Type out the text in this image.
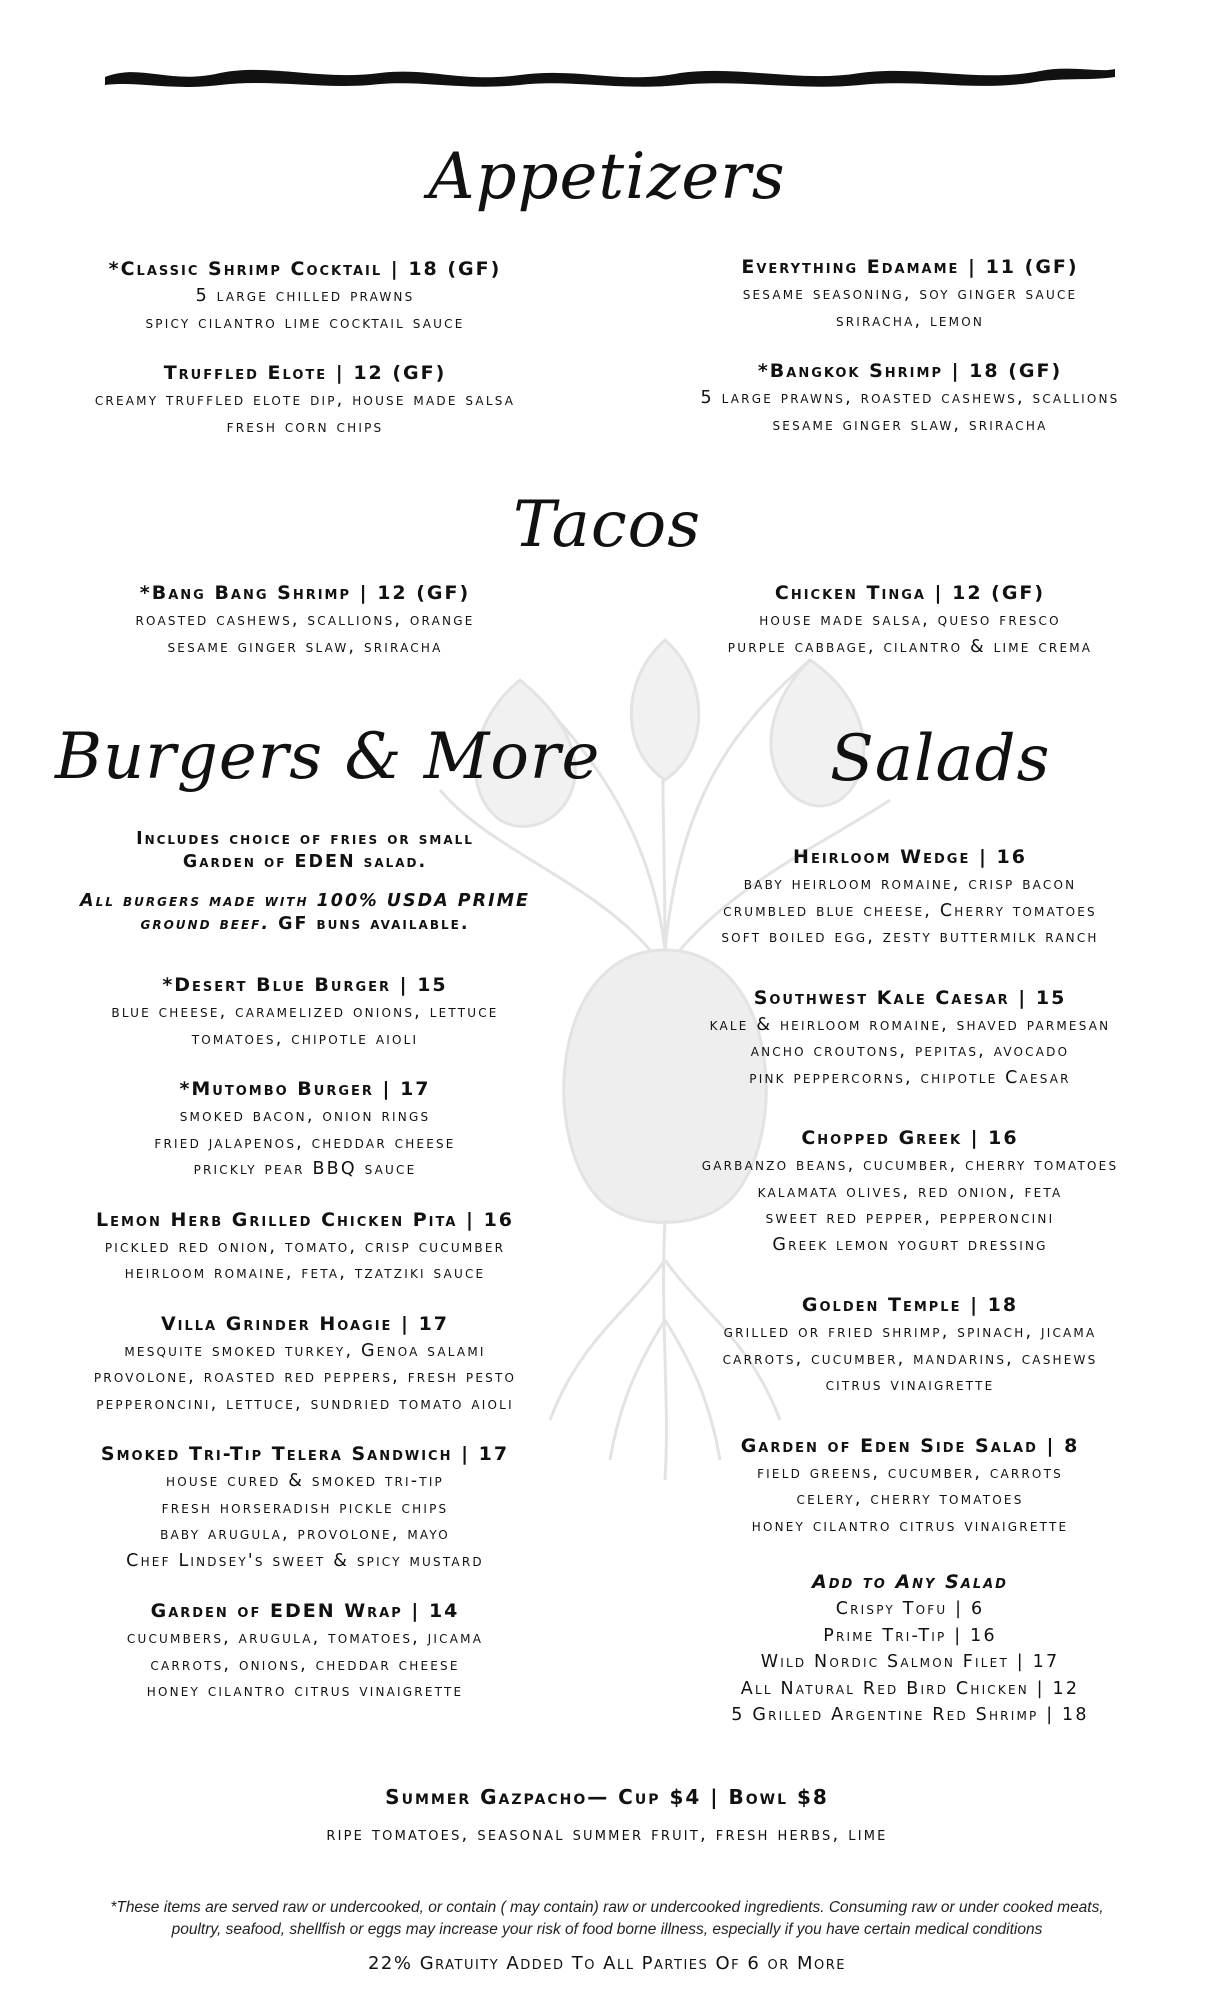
Appetizers
*Classic Shrimp Cocktail | 18 (GF)
5 large chilled prawns
spicy cilantro lime cocktail sauce
Truffled Elote | 12 (GF)
creamy truffled elote dip, house made salsa
fresh corn chips
Everything Edamame | 11 (GF)
sesame seasoning, soy ginger sauce
sriracha, lemon
*Bangkok Shrimp | 18 (GF)
5 large prawns, roasted cashews, scallions
sesame ginger slaw, sriracha
Tacos
*Bang Bang Shrimp | 12 (GF)
roasted cashews, scallions, orange
sesame ginger slaw, sriracha
Chicken Tinga | 12 (GF)
house made salsa, queso fresco
purple cabbage, cilantro & lime crema
Burgers & More	Salads
Includes choice of fries or small
Garden of EDEN salad.
All burgers made with 100% USDA PRIME
ground beef. GF buns available.
*Desert Blue Burger | 15
blue cheese, caramelized onions, lettuce
tomatoes, chipotle aioli
*Mutombo Burger | 17
smoked bacon, onion rings
fried jalapenos, cheddar cheese
prickly pear BBQ sauce
Lemon Herb Grilled Chicken Pita | 16
pickled red onion, tomato, crisp cucumber
heirloom romaine, feta, tzatziki sauce
Villa Grinder Hoagie | 17
mesquite smoked turkey, Genoa salami
provolone, roasted red peppers, fresh pesto
pepperoncini, lettuce, sundried tomato aioli
Smoked Tri-Tip Telera Sandwich | 17
house cured & smoked tri-tip
fresh horseradish pickle chips
baby arugula, provolone, mayo
Chef Lindsey's sweet & spicy mustard
Garden of EDEN Wrap | 14
cucumbers, arugula, tomatoes, jicama
carrots, onions, cheddar cheese
honey cilantro citrus vinaigrette
Heirloom Wedge | 16
baby heirloom romaine, crisp bacon
crumbled blue cheese, Cherry tomatoes
soft boiled egg, zesty buttermilk ranch
Southwest Kale Caesar | 15
kale & heirloom romaine, shaved parmesan
ancho croutons, pepitas, avocado
pink peppercorns, chipotle Caesar
Chopped Greek | 16
garbanzo beans, cucumber, cherry tomatoes
kalamata olives, red onion, feta
sweet red pepper, pepperoncini
Greek lemon yogurt dressing
Golden Temple | 18
grilled or fried shrimp, spinach, jicama
carrots, cucumber, mandarins, cashews
citrus vinaigrette
Garden of Eden Side Salad | 8
field greens, cucumber, carrots
celery, cherry tomatoes
honey cilantro citrus vinaigrette
Add to Any Salad
Crispy Tofu | 6
Prime Tri-Tip | 16
Wild Nordic Salmon Filet | 17
All Natural Red Bird Chicken | 12
5 Grilled Argentine Red Shrimp | 18
Summer Gazpacho— Cup $4 | Bowl $8
ripe tomatoes, seasonal summer fruit, fresh herbs, lime
*These items are served raw or undercooked, or contain ( may contain) raw or undercooked ingredients. Consuming raw or under cooked meats,
poultry, seafood, shellfish or eggs may increase your risk of food borne illness, especially if you have certain medical conditions
22% Gratuity Added To All Parties Of 6 or More
